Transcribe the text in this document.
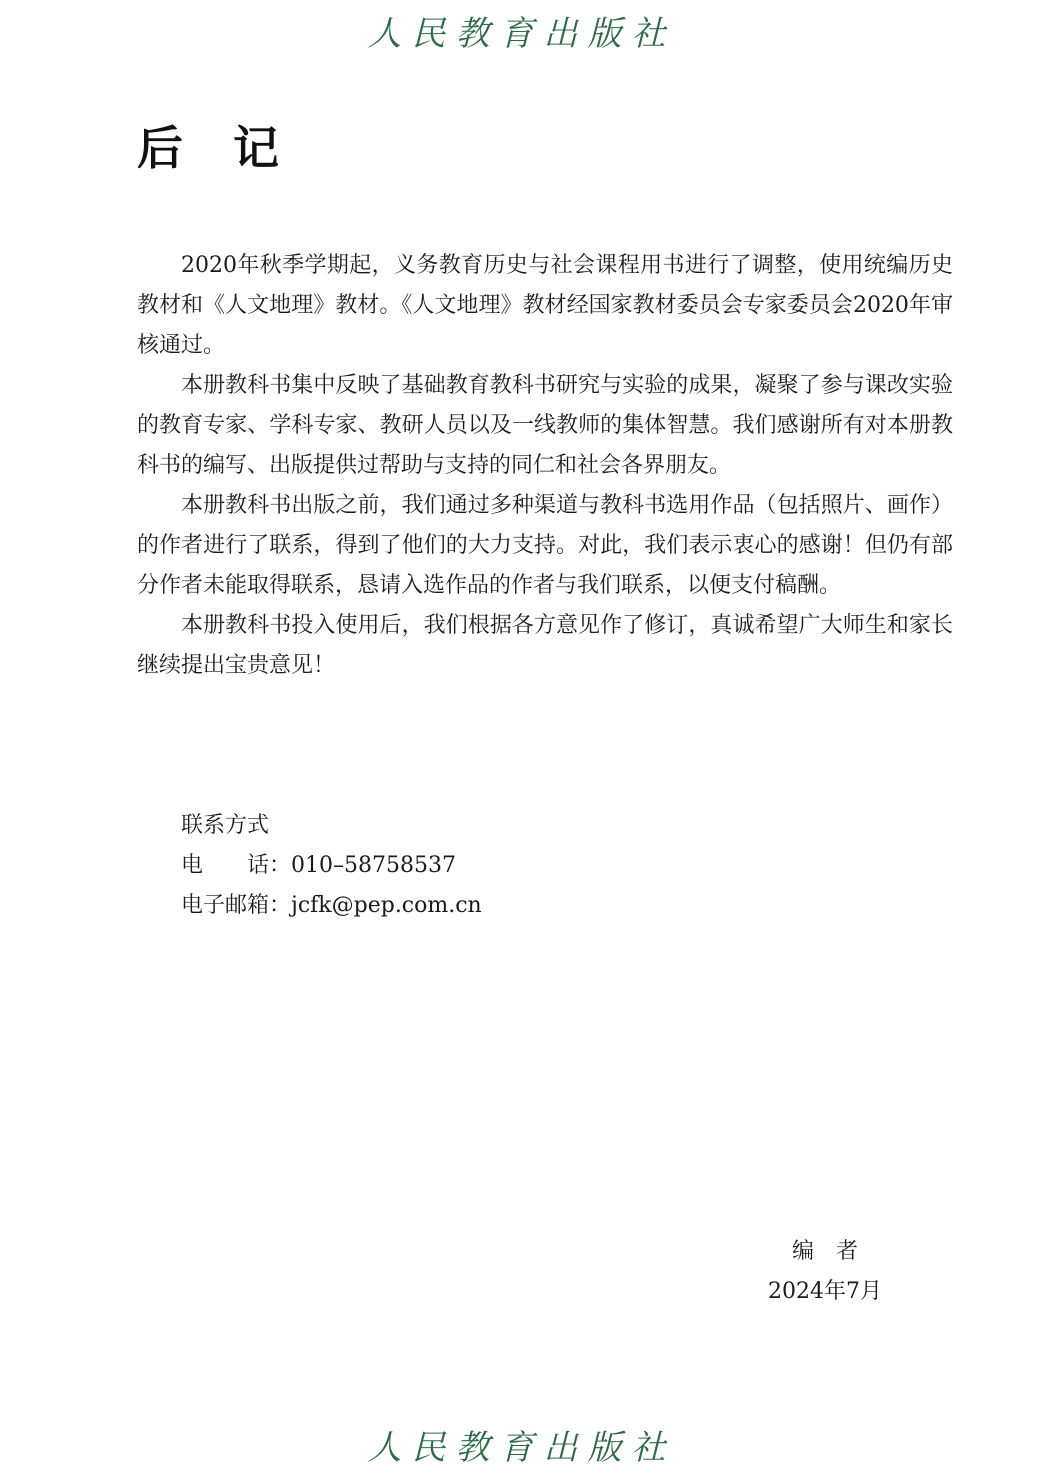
人民教育出版社
后 记

2020年秋季学期起，义务教育历史与社会课程用书进行了调整，使用统编历史教材和《人文地理》教材。《人文地理》教材经国家教材委员会专家委员会2020年审核通过。

本册教科书集中反映了基础教育教科书研究与实验的成果，凝聚了参与课改实验的教育专家、学科专家、教研人员以及一线教师的集体智慧。我们感谢所有对本册教科书的编写、出版提供过帮助与支持的同仁和社会各界朋友。

本册教科书出版之前，我们通过多种渠道与教科书选用作品（包括照片、画作）的作者进行了联系，得到了他们的大力支持。对此，我们表示衷心的感谢！但仍有部分作者未能取得联系，恳请入选作品的作者与我们联系，以便支付稿酬。

本册教科书投入使用后，我们根据各方意见作了修订，真诚希望广大师生和家长继续提出宝贵意见！

联系方式
电　　话：010–58758537
电子邮箱：jcfk@pep.com.cn
编　者
2024年7月
人民教育出版社
